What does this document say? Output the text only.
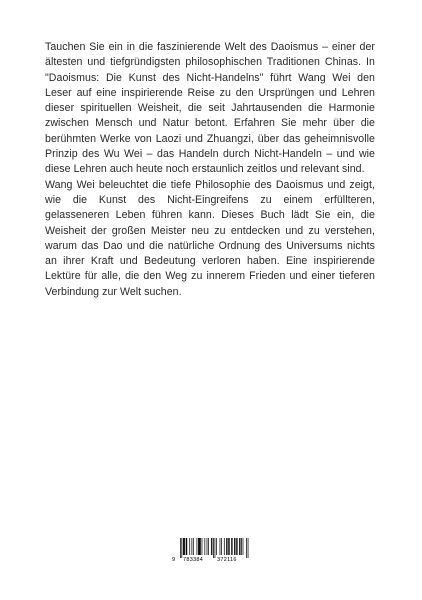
Tauchen Sie ein in die faszinierende Welt des Daoismus – einer der ältesten und tiefgründigsten philosophischen Traditionen Chinas. In "Daoismus: Die Kunst des Nicht-Handelns" führt Wang Wei den Leser auf eine inspirierende Reise zu den Ursprüngen und Lehren dieser spirituellen Weisheit, die seit Jahrtausenden die Harmonie zwischen Mensch und Natur betont. Erfahren Sie mehr über die berühmten Werke von Laozi und Zhuangzi, über das geheimnisvolle Prinzip des Wu Wei – das Handeln durch Nicht-Handeln – und wie diese Lehren auch heute noch erstaunlich zeitlos und relevant sind.

Wang Wei beleuchtet die tiefe Philosophie des Daoismus und zeigt, wie die Kunst des Nicht-Eingreifens zu einem erfüllteren, gelasseneren Leben führen kann. Dieses Buch lädt Sie ein, die Weisheit der großen Meister neu zu entdecken und zu verstehen, warum das Dao und die natürliche Ordnung des Universums nichts an ihrer Kraft und Bedeutung verloren haben. Eine inspirierende Lektüre für alle, die den Weg zu innerem Frieden und einer tieferen Verbindung zur Welt suchen.

9 783384	372116
